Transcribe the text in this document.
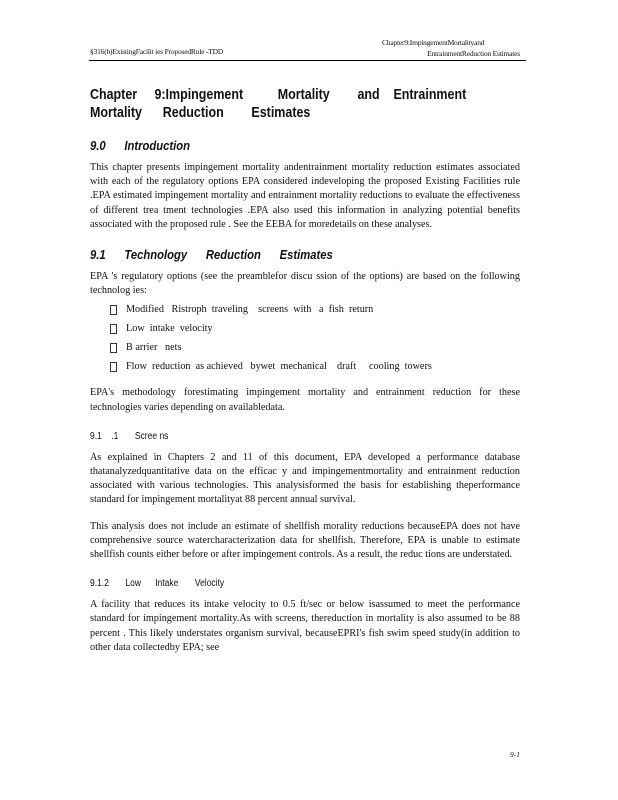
Chapter9:ImpingementMortalityand
EntrainmentReduction Estimates
§316(b)ExistingFacilit ies ProposedRule -TDD
Chapter     9:Impingement          Mortality        and    Entrainment
Mortality      Reduction        Estimates
9.0      Introduction

This chapter presents impingement mortality andentrainment mortality reduction estimates associated with each of the regulatory options EPA considered indeveloping the proposed Existing Facilities rule .EPA estimated impingement mortality and entrainment mortality reductions to evaluate the effectiveness of different trea tment technologies .EPA also used this information in analyzing potential benefits associated with the proposed rule . See the EEBA for moredetails on these analyses.

9.1      Technology      Reduction      Estimates

EPA 's regulatory options (see the preamblefor discu ssion of the options) are based on the following technolog ies:

Modified   Ristroph  traveling    screens  with   a  fish  return
Low  intake  velocity
B arrier   nets
Flow  reduction  as achieved   bywet  mechanical    draft     cooling  towers

EPA's methodology forestimating impingement mortality and entrainment reduction for these technologies varies depending on availabledata.

9.1    .1       Scree ns

As explained in Chapters 2 and 11 of this document, EPA developed a performance database thatanalyzedquantitative data on the efficac y and impingementmortality and entrainment reduction associated with various technologies. This analysisformed the basis for establishing theperformance standard for impingement mortalityat 88 percent annual survival.

This analysis does not include an estimate of shellfish morality reductions becauseEPA does not have comprehensive source watercharacterization data for shellfish. Therefore, EPA is unable to estimate shellfish counts either before or after impingement controls. As a result, the reduc tions are understated.

9.1.2       Low      Intake       Velocity

A facility that reduces its intake velocity to 0.5 ft/sec or below isassumed to meet the performance standard for impingement mortality.As with screens, thereduction in mortality is also assumed to be 88 percent . This likely understates organism survival, becauseEPRI's fish swim speed study(in addition to other data collectedby EPA; see

9-1
